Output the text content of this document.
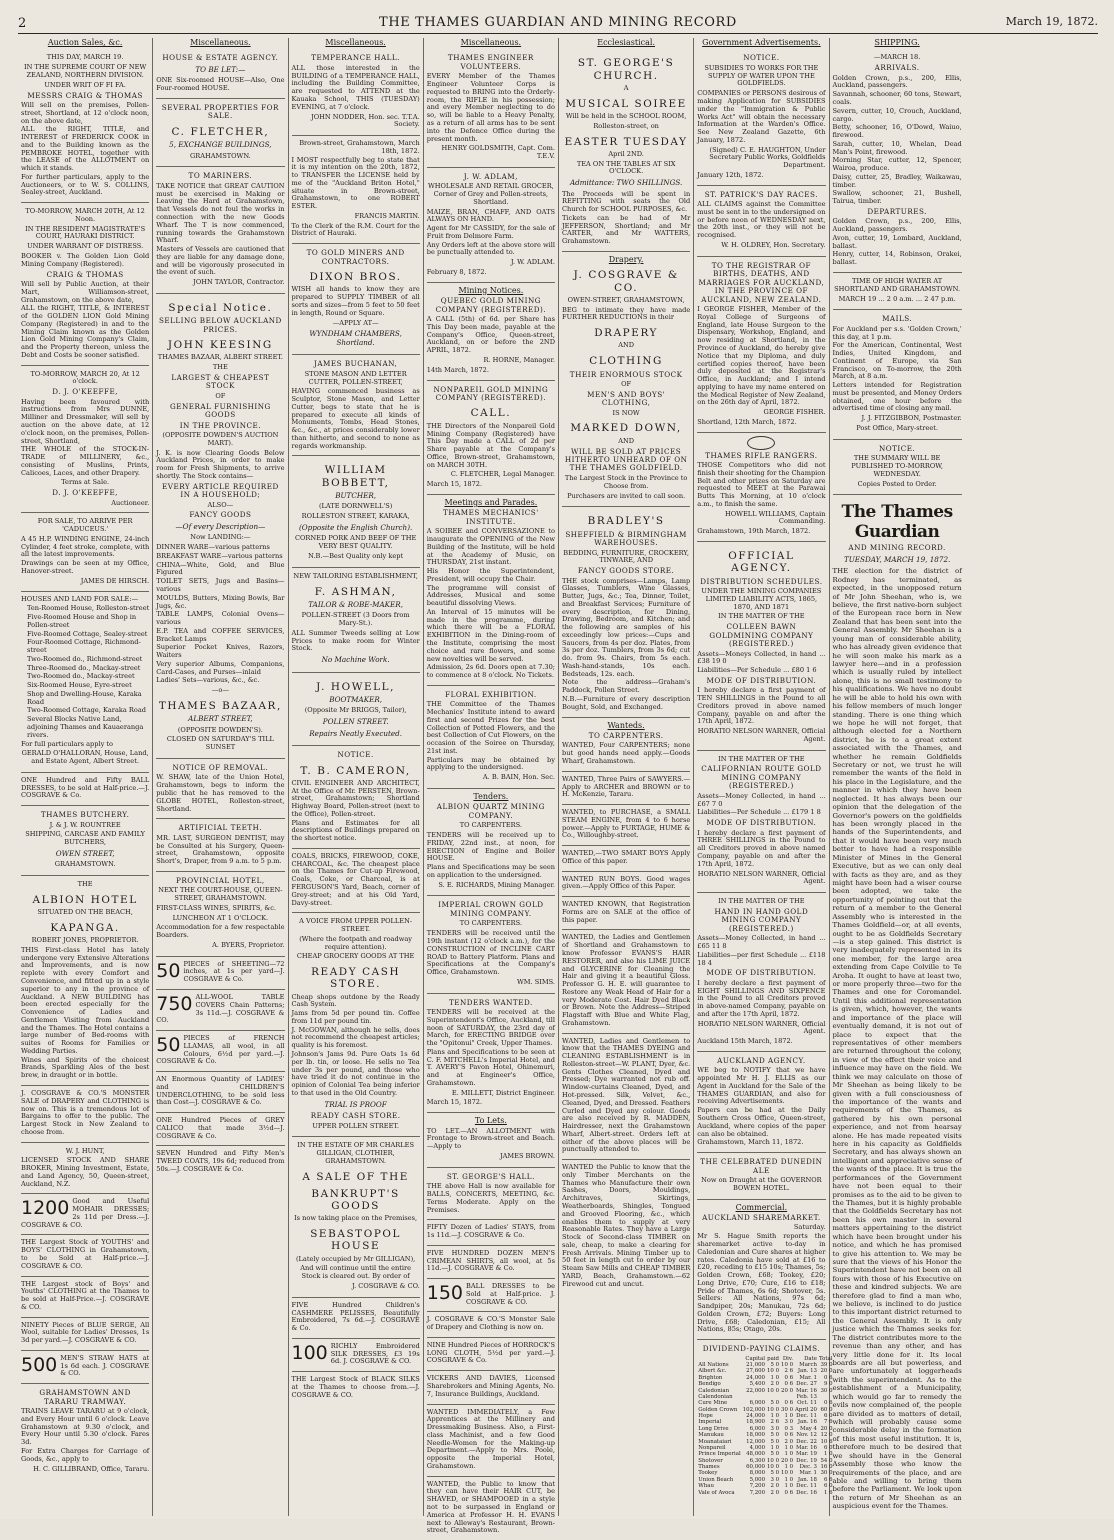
2	THE THAMES GUARDIAN AND MINING RECORD	March 19, 1872.
Auction Sales, &c.
THIS DAY, MARCH 19.
IN THE SUPREME COURT OF NEW ZEALAND, NORTHERN DIVISION.
UNDER WRIT OF FI FA.
MESSRS CRAIG & THOMAS
Will sell on the premises, Pollen-street, Shortland, at 12 o'clock noon, on the above date,
ALL the RIGHT, TITLE, and INTEREST of FREDERICK COOK in and to the Building known as the PEMBROKE HOTEL, together with the LEASE of the ALLOTMENT on which it stands.
For further particulars, apply to the Auctioneers, or to W. S. COLLINS, Sealey-street, Auckland.
TO-MORROW, MARCH 20TH, At 12 Noon.
IN THE RESIDENT MAGISTRATE'S COURT, HAURAKI DISTRICT.
UNDER WARRANT OF DISTRESS.
BOOKER v. The Golden Lion Gold Mining Company (Registered).
CRAIG & THOMAS
Will sell by Public Auction, at their Mart, Williamson-street, Grahamstown, on the above date,
ALL the RIGHT, TITLE, & INTEREST of the GOLDEN LION Gold Mining Company (Registered) in and to the Mining Claim known as the Golden Lion Gold Mining Company's Claim, and the Property thereon, unless the Debt and Costs be sooner satisfied.
TO-MORROW, MARCH 20, At 12 o'clock.
D. J. O'KEEFFE,
Having been favoured with instructions from Mrs DUNNE, Milliner and Dressmaker, will sell by auction on the above date, at 12 o'clock noon, on the premises, Pollen-street, Shortland,
THE WHOLE of the STOCK-IN-TRADE of MILLINERY, &c., consisting of Muslins, Prints, Calicoes, Laces, and other Drapery.
Terms at Sale.
D. J. O'KEEFFE,
Auctioneer.
FOR SALE, TO ARRIVE PER 'CADUCEUS.'
A 45 H.P. WINDING ENGINE, 24-inch Cylinder, 4 feet stroke, complete, with all the latest improvements.
Drawings can be seen at my Office, Hanover-street.
JAMES DE HIRSCH.
HOUSES AND LAND FOR SALE:—
Ten-Roomed House, Rolleston-street
Five-Roomed House and Shop in Pollen-street
Five-Roomed Cottage, Sealey-street
Four-Roomed Cottage, Richmond-street
Two-Roomed do., Richmond-street
Three-Roomed do., Mackay-street
Two-Roomed do., Mackay-street
Six-Roomed House, Eyre-street
Shop and Dwelling-House, Karaka Road
Two-Roomed Cottage, Karaka Road
Several Blocks Native Land, adjoining Thames and Kauaeranga rivers.
For full particulars apply to
GERALD O'HALLORAN, House, Land, and Estate Agent, Albert Street.
ONE Hundred and Fifty BALL DRESSES, to be sold at Half-price.—J. COSGRAVE & Co.
THAMES BUTCHERY.
J. & J. W. ROUNTREE
SHIPPING, CARCASE AND FAMILY BUTCHERS,
OWEN STREET,
GRAHAMSTOWN.
THE
ALBION HOTEL
SITUATED ON THE BEACH,
KAPANGA.
ROBERT JONES, PROPRIETOR.
THIS First-class Hotel has lately undergone very Extensive Alterations and Improvements, and is now replete with every Comfort and Convenience, and fitted up in a style superior to any in the province of Auckland. A NEW BUILDING has been erected especially for the Convenience of Ladies and Gentlemen Visiting from Auckland and the Thames. The Hotel contains a large number of Bed-rooms with suites of Rooms for Families or Wedding Parties.
Wines and Spirits of the choicest Brands, Sparkling Ales of the best brew, in draught or in bottle.
J. COSGRAVE & CO.'S MONSTER SALE of DRAPERY and CLOTHING is now on. This is a tremendous lot of Bargains to offer to the public. The Largest Stock in New Zealand to choose from.
W. J. HUNT,
LICENSED STOCK AND SHARE BROKER, Mining Investment, Estate, and Land Agency, 50, Queen-street, Auckland, N.Z.
1200 Good and Useful MOHAIR DRESSES; 2s 11d per Dress.—J. COSGRAVE & CO.
THE Largest Stock of YOUTHS' and BOYS' CLOTHING in Grahamstown, to be Sold at Half-price.—J. COSGRAVE & CO.
THE Largest stock of Boys' and Youths' CLOTHING at the Thames to be sold at Half-Price.—J. COSGRAVE & CO.
NINETY Pieces of BLUE SERGE, All Wool, suitable for Ladies' Dresses, 1s 3d per yard.—J. COSGRAVE & CO.
500 MEN'S STRAW HATS at 1s 6d each. J. COSGRAVE & CO.
GRAHAMSTOWN AND TARARU TRAMWAY.
TRAINS LEAVE TARARU at 9 o'clock, and Every Hour until 6 o'clock. Leave Grahamstown at 9.30 o'clock, and Every Hour until 5.30 o'clock. Fares 3d.
For Extra Charges for Carriage of Goods, &c., apply to
H. C. GILLIBRAND, Office, Tararu.
Miscellaneous.
HOUSE & ESTATE AGENCY.
TO BE LET:—
ONE Six-roomed HOUSE—Also, One Four-roomed HOUSE.
SEVERAL PROPERTIES FOR SALE.
C. FLETCHER,
5, EXCHANGE BUILDINGS,
GRAHAMSTOWN.
TO MARINERS.
TAKE NOTICE that GREAT CAUTION must be exercised in Making or Leaving the Hard at Grahamstown, that Vessels do not foul the works in connection with the new Goods Wharf. The T is now commenced, running towards the Grahamstown Wharf.
Masters of Vessels are cautioned that they are liable for any damage done, and will be vigorously prosecuted in the event of such.
JOHN TAYLOR, Contractor.
Special Notice.
SELLING BELOW AUCKLAND PRICES.
JOHN KEESING
THAMES BAZAAR, ALBERT STREET.
THE
LARGEST & CHEAPEST STOCK
OF
GENERAL FURNISHING GOODS
IN THE PROVINCE.
(OPPOSITE DOWDEN'S AUCTION MART).
J. K. is now Clearing Goods Below Auckland Prices, in order to make room for Fresh Shipments, to arrive shortly. The Stock contains—
EVERY ARTICLE REQUIRED IN A HOUSEHOLD;
ALSO—
FANCY GOODS
—Of every Description—
Now LANDING:—
DINNER WARE—various patterns
BREAKFAST WARE—various patterns
CHINA—White, Gold, and Blue Figured
TOILET SETS, Jugs and Basins—various
MOULDS, Butters, Mixing Bowls, Bar Jugs, &c.
TABLE LAMPS, Colonial Ovens—various
E.P. TEA and COFFEE SERVICES, Bracket Lamps
Superior Pocket Knives, Razors, Waiters
Very superior Albums, Companions, Card-Cases, and Purses—inlaid
Ladies' Sets—various, &c., &c.
—o—
THAMES BAZAAR,
ALBERT STREET,
(OPPOSITE DOWDEN'S).
CLOSED ON SATURDAY'S TILL SUNSET
NOTICE OF REMOVAL.
W. SHAW, late of the Union Hotel, Grahamstown, begs to inform the public that he has removed to the GLOBE HOTEL, Rolleston-street, Shortland.
ARTIFICIAL TEETH.
MR. LAST, SURGEON DENTIST, may be Consulted at his Surgery, Queen-street, Grahamstown, opposite Short's, Draper, from 9 a.m. to 5 p.m.
PROVINCIAL HOTEL,
NEXT THE COURT-HOUSE, QUEEN-STREET, GRAHAMSTOWN.
FIRST-CLASS WINES, SPIRITS, &c.
LUNCHEON AT 1 O'CLOCK.
Accommodation for a few respectable Boarders.
A. BYERS, Proprietor.
50 PIECES of SHEETING—72 inches, at 1s per yard—J. COSGRAVE & Co.
750 ALL-WOOL TABLE COVERS Chain Patterns; 3s 11d.—J. COSGRAVE & CO.
50 PIECES of FRENCH LLAMAS, all wool, in all Colours, 6½d per yard.—J. COSGRAVE & Co.
AN Enormous Quantity of LADIES' and CHILDREN'S UNDERCLOTHING, to be sold less than Cost—J. COSGRAVE & Co.
ONE Hundred Pieces of GREY CALICO that made 3½d—J. COSGRAVE & Co.
SEVEN Hundred and Fifty Men's TWEED COATS, 19s 6d; reduced from 50s.—J. COSGRAVE & Co.
Miscellaneous.
TEMPERANCE HALL.
ALL those interested in the BUILDING of a TEMPERANCE HALL, including the Building Committee, are requested to ATTEND at the Kauaka School, THIS (TUESDAY) EVENING, at 7 o'clock.
JOHN NODDER, Hon. sec. T.T.A. Society.
Brown-street, Grahamstown, March 18th, 1872.
I MOST respectfully beg to state that it is my intention on the 20th, 1872, to TRANSFER the LICENSE held by me of the "Auckland Briton Hotel," situate in Brown-street, Grahamstown, to one ROBERT ESTER.
FRANCIS MARTIN.
To the Clerk of the R.M. Court for the District of Hauraki.
TO GOLD MINERS AND CONTRACTORS.
DIXON BROS.
WISH all hands to know they are prepared to SUPPLY TIMBER of all sorts and sizes—from 5 feet to 50 feet in length, Round or Square.
—APPLY AT—
WYNDHAM CHAMBERS, Shortland.
JAMES BUCHANAN,
STONE MASON AND LETTER CUTTER, POLLEN-STREET,
HAVING commenced business as Sculptor, Stone Mason, and Letter Cutter, begs to state that he is prepared to execute all kinds of Monuments, Tombs, Head Stones, &c., &c., at prices considerably lower than hitherto, and second to none as regards workmanship.
WILLIAM BOBBETT,
BUTCHER,
(LATE DORNWELL'S)
ROLLESTON STREET, KARAKA,
(Opposite the English Church).
CORNED PORK AND BEEF OF THE VERY BEST QUALITY.
N.B.—Best Quality only kept
NEW TAILORING ESTABLISHMENT,
F. ASHMAN,
TAILOR & ROBE-MAKER,
POLLEN-STREET (3 Doors from Mary-St.).
ALL Summer Tweeds selling at Low Prices to make room for Winter Stock.
No Machine Work.
J. HOWELL,
BOOTMAKER,
(Opposite Mr BRIGGS, Tailor),
POLLEN STREET.
Repairs Neatly Executed.
NOTICE.
T. B. CAMERON,
CIVIL ENGINEER AND ARCHITECT, At the Office of Mr. PERSTEN, Brown-street, Grahamstown; Shortland Highway Board, Pollen-street (next to the Office), Pollen-street.
Plans and Estimates for all descriptions of Buildings prepared on the shortest notice.
COALS, BRICKS, FIREWOOD, COKE, CHARCOAL, &c. The cheapest place on the Thames for Cut-up Firewood, Coals, Coke, or Charcoal, is at FERGUSON'S Yard, Beach, corner of Grey-street; and at his Old Yard, Davy-street.
A VOICE FROM UPPER POLLEN-STREET.
(Where the footpath and roadway require attention).
CHEAP GROCERY GOODS AT THE
READY CASH STORE.
Cheap shops outdone by the Ready Cash System.
Jams from 5d per pound tin. Coffee from 11d per pound tin.
J. McGOWAN, although he sells, does not recommend the cheapest articles; quality is his foremost.
Johnson's Jams 9d. Pure Oats 1s 6d per lb. tin, or loose. He sells no Tea under 3s per pound, and those who have tried it do not continue in the opinion of Colonial Tea being inferior to that used in the Old Country.
TRIAL IS PROOF
READY CASH STORE.
UPPER POLLEN STREET.
IN THE ESTATE OF MR CHARLES GILLIGAN, CLOTHIER, GRAHAMSTOWN.
A SALE OF THE
BANKRUPT'S GOODS
Is now taking place on the Premises,
SEBASTOPOL HOUSE
(Lately occupied by Mr GILLIGAN),
And will continue until the entire Stock is cleared out. By order of
J. COSGRAVE & CO.
FIVE Hundred Children's CASHMERE PELISSES, Beautifully Embroidered, 7s 6d.—J. COSGRAVE & Co.
100 RICHLY Embroidered SILK DRESSES, £3 19s 6d. J. COSGRAVE & CO.
THE Largest Stock of BLACK SILKS at the Thames to choose from.—J. COSGRAVE & CO.
Miscellaneous.
THAMES ENGINEER VOLUNTEERS.
EVERY Member of the Thames Engineer Volunteer Corps is requested to BRING into the Orderly-room, the RIFLE in his possession; and every Member neglecting to do so, will be liable to a Heavy Penalty, as a return of all arms has to be sent into the Defence Office during the present month.
HENRY GOLDSMITH, Capt. Com. T.E.V.
J. W. ADLAM,
WHOLESALE AND RETAIL GROCER, Corner of Grey and Pollen-streets, Shortland.
MAIZE, BRAN, CHAFF, AND OATS ALWAYS ON HAND.
Agent for Mr CASSIDY, for the sale of Fruit from Delmore Farm.
Any Orders left at the above store will be punctually attended to.
J. W. ADLAM.
February 8, 1872.
Mining Notices.
QUEBEC GOLD MINING COMPANY (REGISTERED).
A CALL (5th) of 6d. per Share has This Day been made, payable at the Company's Office, Queen-street, Auckland, on or before the 2ND APRIL, 1872.
R. HORNE, Manager.
14th March, 1872.
NONPAREIL GOLD MINING COMPANY (REGISTERED).
CALL.
THE Directors of the Nonpareil Gold Mining Company (Registered) have This Day made a CALL of 2d per Share payable at the Company's Office, Brown-street, Grahamstown, on MARCH 30TH.
C. FLETCHER, Legal Manager.
March 15, 1872.
Meetings and Parades.
THAMES MECHANICS' INSTITUTE.
A SOIREE and CONVERSAZIONE to inaugurate the OPENING of the New Building of the Institute, will be held at the Academy of Music, on THURSDAY, 21st instant.
His Honor the Superintendent, President, will occupy the Chair.
The programme will consist of Addresses, Musical and some beautiful dissolving Views.
An Interval of 15 minutes will be made in the programme, during which there will be a FLORAL EXHIBITION in the Dining-room of the Institute, comprising the most choice and rare flowers, and some new novelties will be served.
Admission, 2s 6d. Doors open at 7.30; to commence at 8 o'clock. No Tickets.
FLORAL EXHIBITION.
THE Committee of the Thames Mechanics' Institute intend to award first and second Prizes for the best Collection of Potted Flowers, and the best Collection of Cut Flowers, on the occasion of the Soiree on Thursday, 21st inst.
Particulars may be obtained by applying to the undersigned.
A. B. BAIN, Hon. Sec.
Tenders.
ALBION QUARTZ MINING COMPANY.
TO CARPENTERS.
TENDERS will be received up to FRIDAY, 22nd inst., at noon, for ERECTION of Engine and Boiler HOUSE.
Plans and Specifications may be seen on application to the undersigned.
S. E. RICHARDS, Mining Manager.
IMPERIAL CROWN GOLD MINING COMPANY.
TO CARPENTERS.
TENDERS will be received until the 19th instant (12 o'clock a.m.), for the CONSTRUCTION of INCLINE CART ROAD to Battery Platform. Plans and Specifications at the Company's Office, Grahamstown.
WM. SIMS.
TENDERS WANTED.
TENDERS will be received at the Superintendent's Office, Auckland, till noon of SATURDAY, the 23rd day of March, for ERECTING BRIDGE over the "Opitonui" Creek, Upper Thames.
Plans and Specifications to be seen at C. F. MITCHELL's Imperial Hotel, and T. AVERY'S Pavon Hotel, Ohinemuri, and at Engineer's Office, Grahamstown.
E. MILLETT, District Engineer.
March 15, 1872.
To Lets.
TO LET.—AN ALLOTMENT with Frontage to Brown-street and Beach.—Apply to
JAMES BROWN.
ST. GEORGE'S HALL.
THE above Hall is now available for BALLS, CONCERTS, MEETING, &c. Terms Moderate. Apply on the Premises.
FIFTY Dozen of Ladies' STAYS, from 1s 11d.—J. COSGRAVE & Co.
FIVE HUNDRED DOZEN MEN'S CRIMEAN SHIRTS, all wool, at 5s 11d.—J. COSGRAVE & Co.
150 BALL DRESSES to be Sold at Half-price. J. COSGRAVE & CO.
J. COSGRAVE & CO.'S Monster Sale of Drapery and Clothing is now on.
NINE Hundred Pieces of HORROCK'S LONG CLOTH, 5½d per yard.—J. COSGRAVE & Co.
VICKERS AND DAVIES, Licensed Sharebrokers and Mining Agents, No. 7, Insurance Buildings, Auckland.
WANTED IMMEDIATELY, a Few Apprentices at the Millinery and Dressmaking Business. Also, a First-class Machinist, and a few Good Needle-Women for the Making-up Department.—Apply to Mrs. Poole, opposite the Imperial Hotel, Grahamstown.
WANTED, the Public to know that they can have their HAIR CUT, be SHAVED, or SHAMPOOED in a style not to be surpassed in England or America at Professor H. H. EVANS next to Alleway's Restaurant, Brown-street, Grahamstown.
Ecclesiastical.
ST. GEORGE'S CHURCH.
A
MUSICAL SOIREE
Will be held in the SCHOOL ROOM,
Rolleston-street, on
EASTER TUESDAY
April 2ND.
TEA ON THE TABLES AT SIX O'CLOCK.
Admittance: TWO SHILLINGS.
The Proceeds will be spent in REFITTING with seats the Old Church for SCHOOL PURPOSES, &c.
Tickets can be had of Mr JEFFERSON, Shortland; and Mr CARTER, and Mr WATTERS, Grahamstown.
Drapery.
J. COSGRAVE & CO.
OWEN-STREET, GRAHAMSTOWN,
BEG to intimate they have made FURTHER REDUCTIONS in their
DRAPERY
AND
CLOTHING
THEIR ENORMOUS STOCK
OF
MEN'S AND BOYS' CLOTHING,
IS NOW
MARKED DOWN,
AND
WILL BE SOLD AT PRICES HITHERTO UNHEARD OF ON THE THAMES GOLDFIELD.
The Largest Stock in the Province to Choose from.
Purchasers are invited to call soon.
BRADLEY'S
SHEFFIELD & BIRMINGHAM WAREHOUSES.
BEDDING, FURNITURE, CROCKERY, TINWARE, AND
FANCY GOODS STORE.
THE stock comprises—Lamps, Lamp Glasses, Tumblers, Wine Glasses, Butter, Jugs, &c.; Tea, Dinner, Toilet, and Breakfast Services; Furniture of every description, for Dining, Drawing, Bedroom, and Kitchen; and the following are samples of his exceedingly low prices:—Cups and Saucers, from 4s per doz. Plates, from 3s per doz. Tumblers, from 3s 6d; cut do. from 9s. Chairs, from 5s each. Wash-hand-stands, 10s each. Bedsteads, 12s. each.
Note the address—Graham's Paddock, Pollen Street.
N.B.—Furniture of every description Bought, Sold, and Exchanged.
Wanteds.
TO CARPENTERS.
WANTED, Four CARPENTERS; none but good hands need apply.—Goods Wharf, Grahamstown.
WANTED, Three Pairs of SAWYERS.—Apply to ARCHER and BROWN or to H. McKenzie, Tararu.
WANTED, to PURCHASE, a SMALL STEAM ENGINE, from 4 to 6 horse power.—Apply to FURTAGE, HUME & Co., Willoughby-street.
WANTED,—TWO SMART BOYS Apply Office of this paper.
WANTED RUN BOYS. Good wages given.—Apply Office of this Paper.
WANTED KNOWN, that Registration Forms are on SALE at the office of this paper.
WANTED, the Ladies and Gentlemen of Shortland and Grahamstown to know Professor EVANS'S HAIR RESTORER, and also his LIME JUICE and GLYCERINE for Cleaning the Hair and giving it a beautiful Gloss. Professor G. H. E. will guarantee to Restore any Weak Head of Hair for a very Moderate Cost. Hair Dyed Black or Brown. Note the Address—Striped Flagstaff with Blue and White Flag, Grahamstown.
WANTED, Ladies and Gentlemen to know that the THAMES DYEING and CLEANING ESTABLISHMENT is in Rolleston-street—W. PLANT, Dyer, &c. Gents Clothes Cleaned, Dyed and Pressed; Dye warranted not rub off. Window-curtains Cleaned, Dyed, and Hot-pressed. Silk, Velvet, &c., Cleaned, Dyed, and Dressed. Feathers Curled and Dyed any colour. Goods are also received by R. MADDEN, Hairdresser, next the Grahamstown Wharf, Albert-street. Orders left at either of the above places will be punctually attended to.
WANTED the Public to know that the only Timber Merchants on the Thames who Manufacture their own Sashes, Doors, Mouldings, Architraves, Skirtings, Weatherboards, Shingles, Tongued and Grooved Flooring, &c., which enables them to supply at very Reasonable Rates. They have a Large Stock of Second-class TIMBER on sale, cheap, to make a clearing for Fresh Arrivals. Mining Timber up to 50 feet in length cut to order by our Steam Saw Mills and CHEAP TIMBER YARD, Beach, Grahamstown.—62 Firewood cut and uncut.
Government Advertisements.
NOTICE.
SUBSIDIES TO WORKS FOR THE SUPPLY OF WATER UPON THE GOLDFIELDS.
COMPANIES or PERSONS desirous of making Application for SUBSIDIES under the "Immigration & Public Works Act" will obtain the necessary Information at the Warden's Office. See New Zealand Gazette, 6th January, 1872.
(Signed) C. E. HAUGHTON, Under Secretary Public Works, Goldfields Department.
January 12th, 1872.
ST. PATRICK'S DAY RACES.
ALL CLAIMS against the Committee must be sent in to the undersigned on or before noon of WEDNESDAY next, the 20th inst., or they will not be recognised.
W. H. OLDREY, Hon. Secretary.
TO THE REGISTRAR OF BIRTHS, DEATHS, AND MARRIAGES FOR AUCKLAND, IN THE PROVINCE OF AUCKLAND, NEW ZEALAND.
I GEORGE FISHER, Member of the Royal College of Surgeons of England, late House Surgeon to the Dispensary, Workshop, England, and now residing at Shortland, in the Province of Auckland, do hereby give Notice that my Diploma, and duly certified copies thereof, have been duly deposited at the Registrar's Office, in Auckland; and I intend applying to have my name entered on the Medical Register of New Zealand, on the 26th day of April, 1872.
GEORGE FISHER.
Shortland, 12th March, 1872.
THAMES RIFLE RANGERS.
THOSE Competitors who did not finish their shooting for the Champion Belt and other prizes on Saturday are requested to MEET at the Parawai Butts This Morning, at 10 o'clock a.m., to finish the same.
HOWELL WILLIAMS, Captain Commanding.
Grahamstown, 19th March, 1872.
OFFICIAL AGENCY.
DISTRIBUTION SCHEDULES.
UNDER THE MINING COMPANIES LIMITED LIABILITY ACTS, 1865, 1870, AND 1871
IN THE MATTER OF THE
COLLEEN BAWN GOLDMINING COMPANY (REGISTERED.)
Assets—Moneys Collected, in hand ... £38 19 0
Liabilities—Per Schedule ... £80 1 6
MODE OF DISTRIBUTION.
I hereby declare a first payment of TEN SHILLINGS in the Pound to all Creditors proved in above named Company, payable on and after the 17th April, 1872.
HORATIO NELSON WARNER, Official Agent.
IN THE MATTER OF THE
CALIFORNIAN ROUTE GOLD MINING COMPANY (REGISTERED.)
Assets—Money Collected, in hand ... £67 7 0
Liabilities—Per Schedule ... £179 1 8
MODE OF DISTRIBUTION.
I hereby declare a first payment of THREE SHILLINGS in the Pound to all Creditors proved in above named Company, payable on and after the 17th April, 1872.
HORATIO NELSON WARNER, Official Agent.
IN THE MATTER OF THE
HAND IN HAND GOLD MINING COMPANY (REGISTERED.)
Assets—Money Collected, in hand ... £65 11 8
Liabilities—per first Schedule ... £118 18 4
MODE OF DISTRIBUTION.
I hereby declare a first payment of EIGHT SHILLINGS AND SIXPENCE in the Pound to all Creditors proved in above-named Company, payable on and after the 17th April, 1872.
HORATIO NELSON WARNER, Official Agent.
Auckland 15th March, 1872.
AUCKLAND AGENCY.
WE beg to NOTIFY that we have appointed Mr H. J. ELLIS as our Agent in Auckland for the Sale of the THAMES GUARDIAN, and also for receiving Advertisements.
Papers can be had at the Daily Southern Cross Office, Queen-street, Auckland, where copies of the paper can also be obtained.
Grahamstown, March 11, 1872.
THE CELEBRATED DUNEDIN ALE
Now on Draught at the GOVERNOR BOWEN HOTEL.
Commercial.
AUCKLAND SHAREMARKET.
Saturday.
Mr S. Hague Smith reports the sharemarket active to-day in Caledonian and Cure shares at higher rates. Caledonia have sold at £16 to £20, receding to £15 10s; Thames, 5s; Golden Crown, £68; Tookey, £20; Long Drive, £70; Cure, £16 to £18; Pride of Thames, 6s 6d; Shotover, 5s. Sellers: All Nations, 97s 6d; Sandpiper, 20s; Manukau, 72s 6d; Golden Crown, £72; Buyers: Long Drive, £68; Caledonian, £15; All Nations, 85s; Otago, 20s.
DIVIDEND-PAYING CLAIMS.
	Capital	paid	Div.	Date	Total
All Nations	21,000	5 0	10 0	March	39 0
Albert &c.	27,600	10 0	2 6	Jan. 13	20 0
Brighton	24,000	1 0	0 6	Mar. 1	0 6
Bendigo	5,400	2 0	0 6	Dec. 27	9 0
Caledonian	22,000	10 0	20 0	Mar. 16	30 0
Calendonian				Feb. 13	
Cure Mine	6,000	5 0	0 6	Oct. 11	0 6
Golden Crown	102,000	10 0	30 0	April 20	60 0
Hope	24,000	1 0	1 0	Dec. 11	6 0
Imperial	18,900	2 6	3 0	Jan. 16	7 6
Long Drive	6,000	3 0	0 3	May 4	20 0
Manukau	18,000	5 0	0 6	Nov. 12	12 0
Moanataiari	12,000	5 0	2 0	Dec. 22	10 6
Nonpareil	4,000	1 0	1 0	Mar. 16	6 0
Prince Imperial	48,000	5 0	1 0	Mar. 19	1 0
Shotover	6,300	10 0	20 0	Dec. 19	54 0
Thames	60,000	10 0	1 0	Dec. 3	16 0
Tookey	8,000	5 0	10 0	Mar. 1	30 0
Union Beach	5,000	3 0	1 0	Jan. 18	6 6
Whau	7,200	2 0	1 0	Dec. 11	6 0
Vale of Avoca	7,200	2 0	0 6	Dec. 16	1 6
SHIPPING.
—MARCH 18.
ARRIVALS.
Golden Crown, p.s., 200, Ellis, Auckland, passengers.
Savannah, schooner, 60 tons, Stewart, coals.
Severn, cutter, 10, Crouch, Auckland, cargo.
Betty, schooner, 16, O'Dowd, Waiuo, firewood.
Sarah, cutter, 10, Whelan, Dead Man's Point, firewood.
Morning Star, cutter, 12, Spencer, Wairoa, produce.
Daisy, cutter, 25, Bradley, Waikawau, timber.
Swallow, schooner, 21, Bushell, Tairua, timber.
DEPARTURES.
Golden Crown, p.s., 200, Ellis, Auckland, passengers.
Avon, cutter, 19, Lombard, Auckland, ballast.
Henry, cutter, 14, Robinson, Orakei, ballast.
TIME OF HIGH WATER AT SHORTLAND AND GRAHAMSTOWN.
MARCH 19 ... 2 0 a.m. ... 2 47 p.m.
MAILS.
For Auckland per s.s. 'Golden Crown,' this day, at 1 p.m.
For the American, Continental, West Indies, United Kingdom, and Continent of Europe, via San Francisco, on To-morrow, the 20th March, at 8 a.m.
Letters intended for Registration must be presented, and Money Orders obtained, one hour before the advertised time of closing any mail.
J. J. FITZGIBBON, Postmaster.
Post Office, Mary-street.
NOTICE.
THE SUMMARY WILL BE PUBLISHED TO-MORROW, WEDNESDAY.
Copies Posted to Order.
The Thames Guardian
AND MINING RECORD.
TUESDAY, MARCH 19, 1872.
THE election for the district of Rodney has terminated, as expected, in the unopposed return of Mr John Sheehan, who is, we believe, the first native-born subject of the European race born in New Zealand that has been sent into the General Assembly. Mr Sheehan is a young man of considerable ability, who has already given evidence that he will soon make his mark as a lawyer here—and in a profession which is usually ruled by intellect alone, this is no small testimony to his qualifications. We have no doubt he will be able to hold his own with his fellow members of much longer standing. There is one thing which we hope he will not forget, that although elected for a Northern district, he is to a great extent associated with the Thames, and whether he remain Goldfields Secretary or not, we trust he will remember the wants of the field in his place in the Legislature, and the manner in which they have been neglected. It has always been our opinion that the delegation of the Governor's powers on the goldfields has been wrongly placed in the hands of the Superintendents, and that it would have been very much better to have had a responsible Minister of Mines in the General Executive, but as we can only deal with facts as they are, and as they might have been had a wiser course been adopted, we take the opportunity of pointing out that the return of a member to the General Assembly who is interested in the Thames Goldfield—or, at all events, ought to be as Goldfields Secretary—is a step gained. This district is very inadequately represented in its one member, for the large area extending from Cape Colville to Te Aroha. It ought to have at least two, or more properly three—two for the Thames and one for Coromandel. Until this additional representation is given, which, however, the wants and importance of the place will eventually demand, it is not out of place to expect that the representatives of other members are returned throughout the colony, in view of the effect their voice and influence may have on the field. We think we may calculate on those of Mr Sheehan as being likely to be given with a full consciousness of the importance of the wants and requirements of the Thames, as gathered by his own personal experience, and not from hearsay alone. He has made repeated visits here in his capacity as Goldfields Secretary, and has always shown an intelligent and appreciative sense of the wants of the place. It is true the performances of the Government have not been equal to their promises as to the aid to be given to the Thames, but it is highly probable that the Goldfields Secretary has not been his own master in several matters appertaining to the district which have been brought under his notice, and which he has promised to give his attention to. We may be sure that the views of his Honor the Superintendent have not been on all fours with those of his Executive on these and kindred subjects. We are therefore glad to find a man who, we believe, is inclined to do justice to this important district returned to the General Assembly. It is only justice which the Thames seeks for. The district contributes more to the revenue than any other, and has very little done for it. Its local boards are all but powerless, and are unfortunately at loggerheads with the superintendent. As to the establishment of a Municipality, which would go far to remedy the evils now complained of, the people are divided as to matters of detail, which will probably cause some considerable delay in the formation of this most useful institution. It is, therefore much to be desired that we should have in the General Assembly those who know the requirements of the place, and are able and willing to bring them before the Parliament. We look upon the return of Mr Sheehan as an auspicious event for the Thames.
